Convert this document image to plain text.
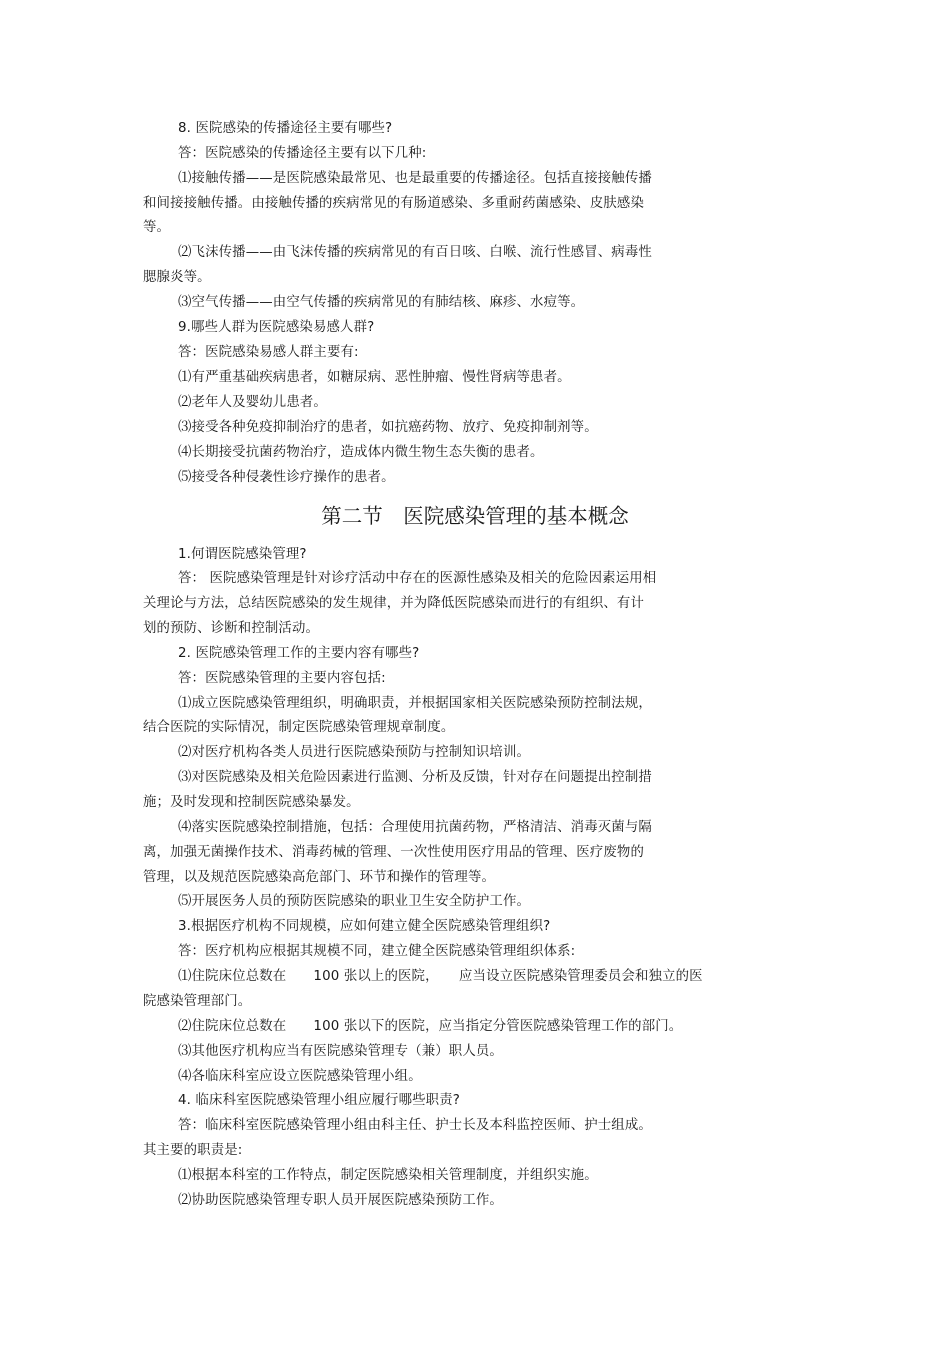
8. 医院感染的传播途径主要有哪些?
答：医院感染的传播途径主要有以下几种:
⑴接触传播——是医院感染最常见、也是最重要的传播途径。包括直接接触传播
和间接接触传播。由接触传播的疾病常见的有肠道感染、多重耐药菌感染、皮肤感染
等。
⑵飞沫传播——由飞沫传播的疾病常见的有百日咳、白喉、流行性感冒、病毒性
腮腺炎等。
⑶空气传播——由空气传播的疾病常见的有肺结核、麻疹、水痘等。
9.哪些人群为医院感染易感人群?
答：医院感染易感人群主要有:
⑴有严重基础疾病患者，如糖尿病、恶性肿瘤、慢性肾病等患者。
⑵老年人及婴幼儿患者。
⑶接受各种免疫抑制治疗的患者，如抗癌药物、放疗、免疫抑制剂等。
⑷长期接受抗菌药物治疗，造成体内微生物生态失衡的患者。
⑸接受各种侵袭性诊疗操作的患者。
第二节　医院感染管理的基本概念
1.何谓医院感染管理?
答： 医院感染管理是针对诊疗活动中存在的医源性感染及相关的危险因素运用相
关理论与方法，总结医院感染的发生规律，并为降低医院感染而进行的有组织、有计
划的预防、诊断和控制活动。
2. 医院感染管理工作的主要内容有哪些?
答：医院感染管理的主要内容包括:
⑴成立医院感染管理组织，明确职责，并根据国家相关医院感染预防控制法规，
结合医院的实际情况，制定医院感染管理规章制度。
⑵对医疗机构各类人员进行医院感染预防与控制知识培训。
⑶对医院感染及相关危险因素进行监测、分析及反馈，针对存在问题提出控制措
施；及时发现和控制医院感染暴发。
⑷落实医院感染控制措施，包括：合理使用抗菌药物，严格清洁、消毒灭菌与隔
离，加强无菌操作技术、消毒药械的管理、一次性使用医疗用品的管理、医疗废物的
管理，以及规范医院感染高危部门、环节和操作的管理等。
⑸开展医务人员的预防医院感染的职业卫生安全防护工作。
3.根据医疗机构不同规模，应如何建立健全医院感染管理组织?
答：医疗机构应根据其规模不同，建立健全医院感染管理组织体系:
⑴住院床位总数在　　100 张以上的医院，　　应当设立医院感染管理委员会和独立的医
院感染管理部门。
⑵住院床位总数在　　100 张以下的医院，应当指定分管医院感染管理工作的部门。
⑶其他医疗机构应当有医院感染管理专（兼）职人员。
⑷各临床科室应设立医院感染管理小组。
4. 临床科室医院感染管理小组应履行哪些职责?
答：临床科室医院感染管理小组由科主任、护士长及本科监控医师、护士组成。
其主要的职责是:
⑴根据本科室的工作特点，制定医院感染相关管理制度，并组织实施。
⑵协助医院感染管理专职人员开展医院感染预防工作。
